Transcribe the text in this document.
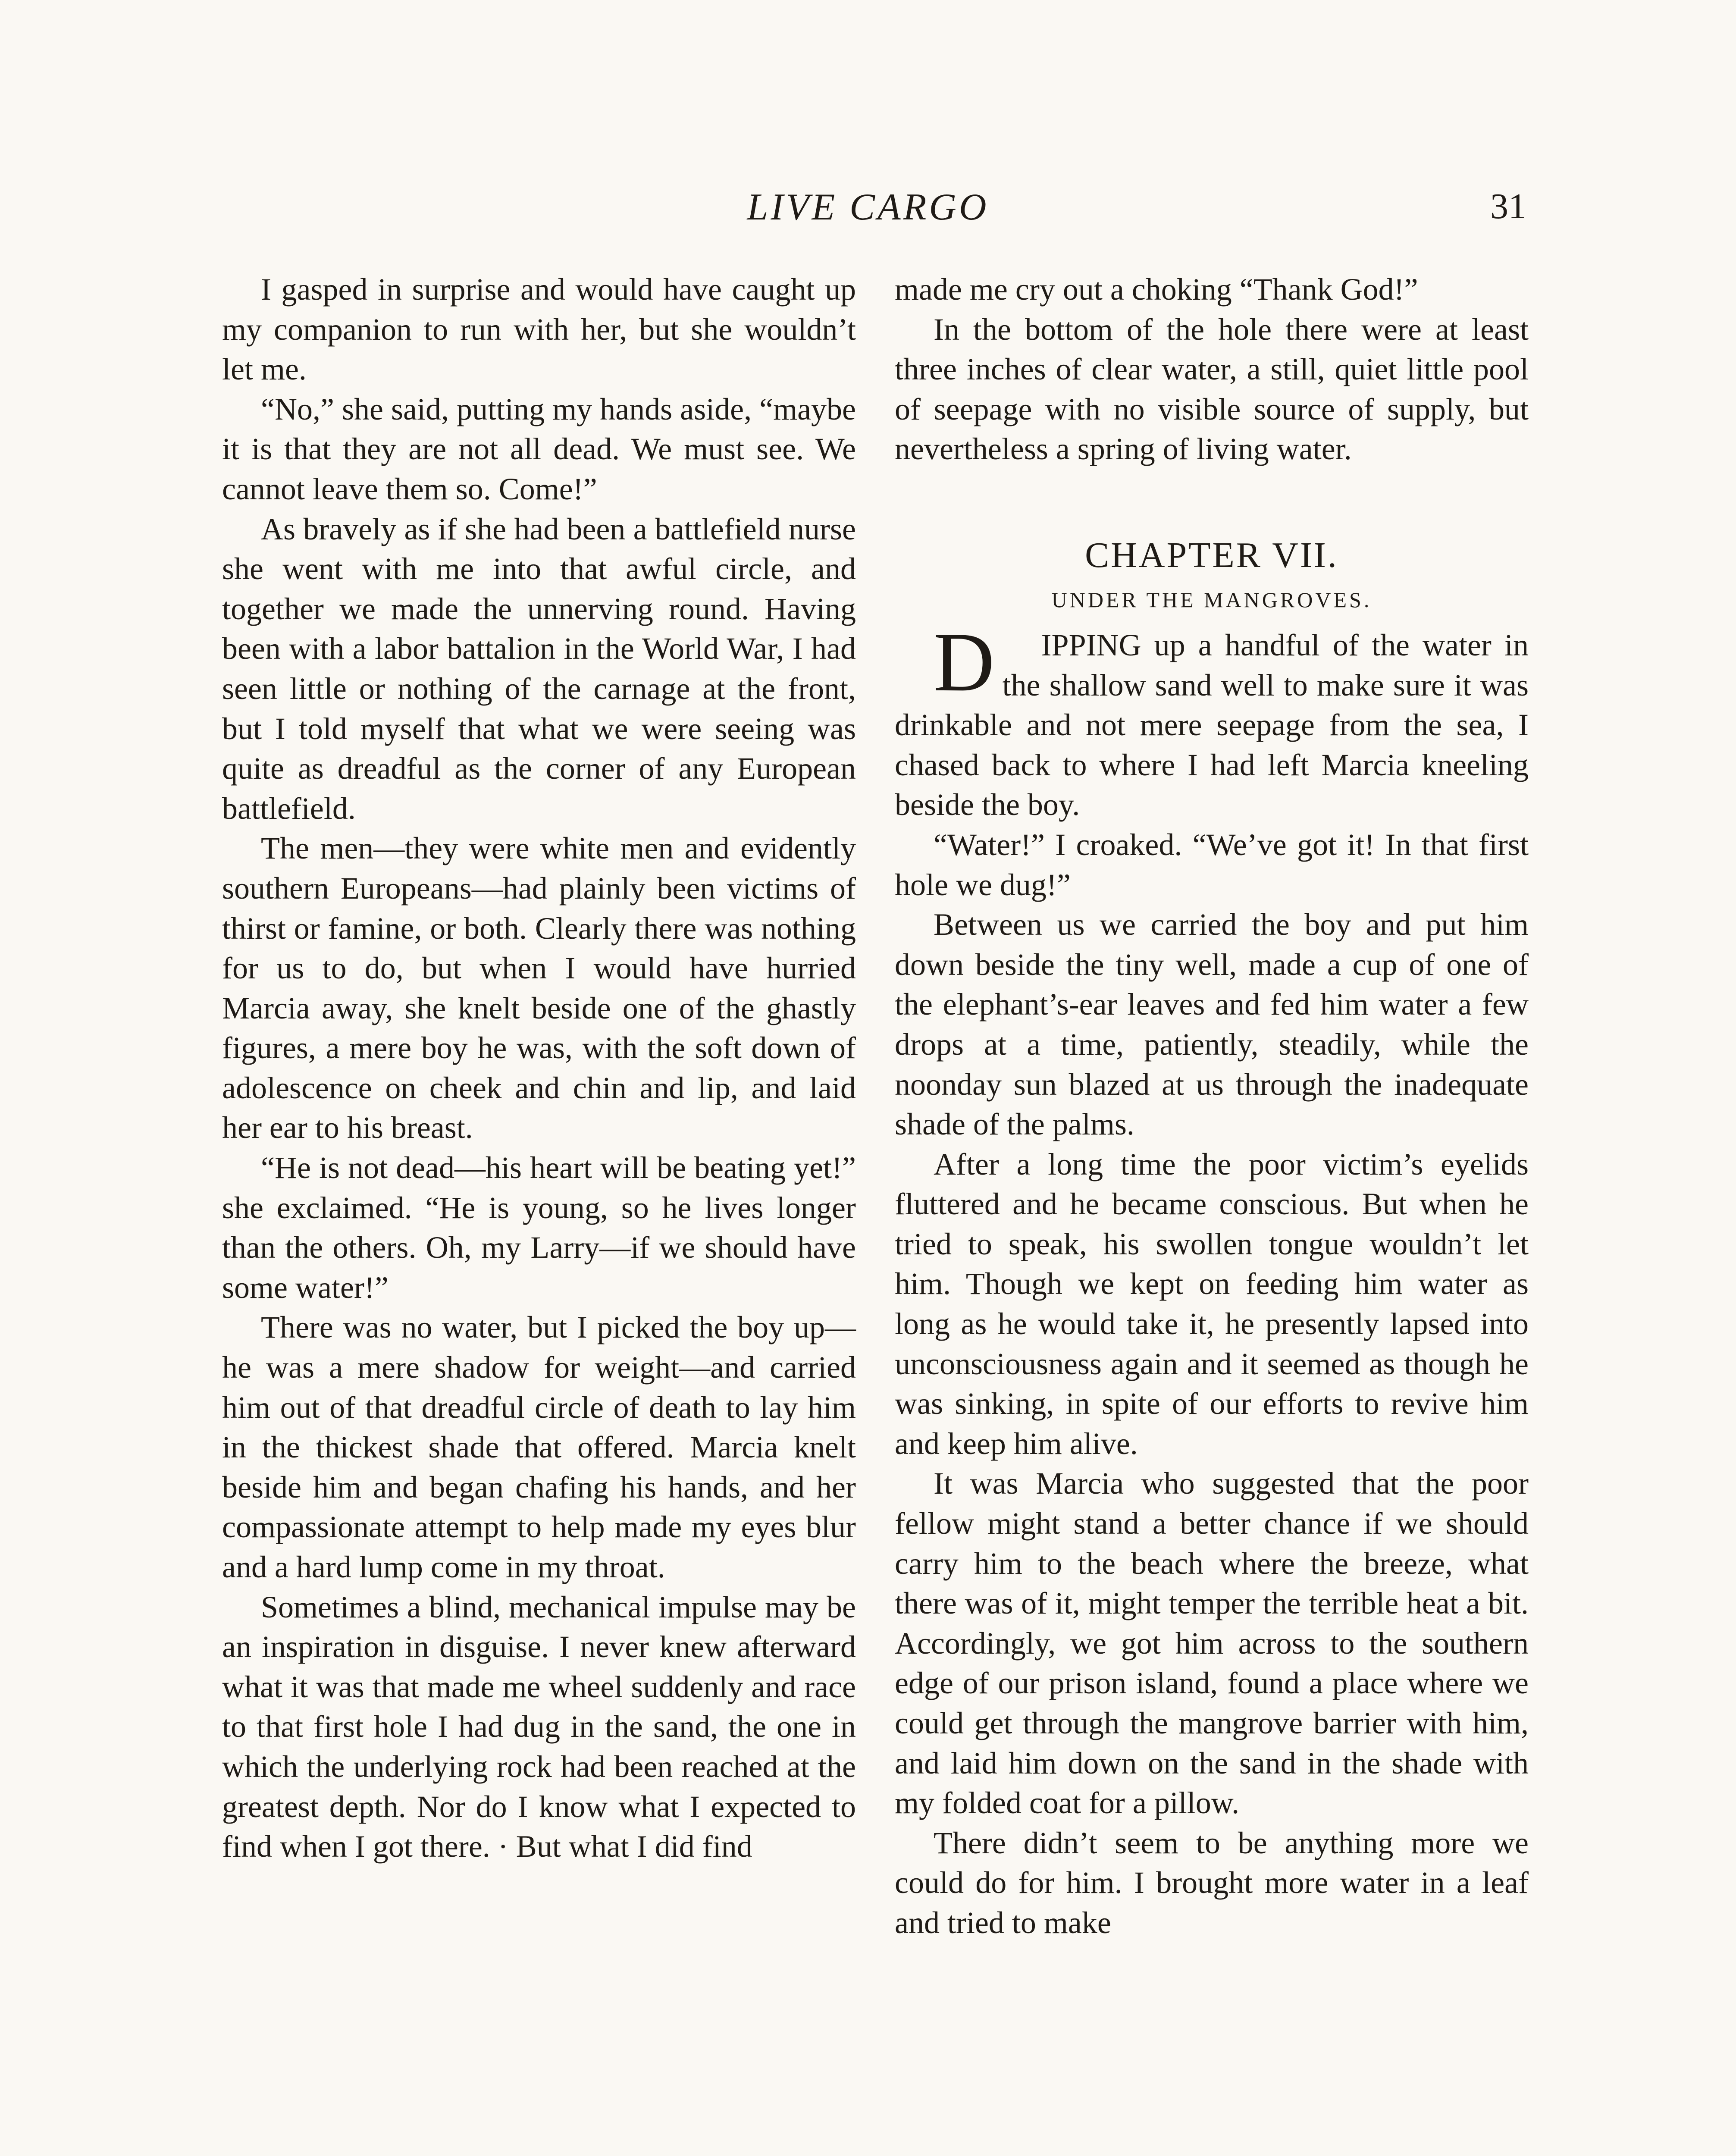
LIVE CARGO	31

I gasped in surprise and would have caught up my companion to run with her, but she wouldn’t let me.

“No,” she said, putting my hands aside, “maybe it is that they are not all dead. We must see. We cannot leave them so. Come!”

As bravely as if she had been a battlefield nurse she went with me into that awful circle, and together we made the unnerving round. Having been with a labor battalion in the World War, I had seen little or nothing of the carnage at the front, but I told myself that what we were seeing was quite as dreadful as the corner of any European battlefield.

The men—they were white men and evidently southern Europeans—had plainly been victims of thirst or famine, or both. Clearly there was nothing for us to do, but when I would have hurried Marcia away, she knelt beside one of the ghastly figures, a mere boy he was, with the soft down of adolescence on cheek and chin and lip, and laid her ear to his breast.

“He is not dead—his heart will be beating yet!” she exclaimed. “He is young, so he lives longer than the others. Oh, my Larry—if we should have some water!”

There was no water, but I picked the boy up—he was a mere shadow for weight—and carried him out of that dreadful circle of death to lay him in the thickest shade that offered. Marcia knelt beside him and began chafing his hands, and her compassionate attempt to help made my eyes blur and a hard lump come in my throat.

Sometimes a blind, mechanical impulse may be an inspiration in disguise. I never knew afterward what it was that made me wheel suddenly and race to that first hole I had dug in the sand, the one in which the underlying rock had been reached at the greatest depth. Nor do I know what I expected to find when I got there. · But what I did find

made me cry out a choking “Thank God!”

In the bottom of the hole there were at least three inches of clear water, a still, quiet little pool of seepage with no visible source of supply, but nevertheless a spring of living water.

CHAPTER VII.
UNDER THE MANGROVES.

D IPPING up a handful of the water in the shallow sand well to make sure it was drinkable and not mere seepage from the sea, I chased back to where I had left Marcia kneeling beside the boy.

“Water!” I croaked. “We’ve got it! In that first hole we dug!”

Between us we carried the boy and put him down beside the tiny well, made a cup of one of the elephant’s-ear leaves and fed him water a few drops at a time, patiently, steadily, while the noonday sun blazed at us through the inadequate shade of the palms.

After a long time the poor victim’s eyelids fluttered and he became conscious. But when he tried to speak, his swollen tongue wouldn’t let him. Though we kept on feeding him water as long as he would take it, he presently lapsed into unconsciousness again and it seemed as though he was sinking, in spite of our efforts to revive him and keep him alive.

It was Marcia who suggested that the poor fellow might stand a better chance if we should carry him to the beach where the breeze, what there was of it, might temper the terrible heat a bit. Accordingly, we got him across to the southern edge of our prison island, found a place where we could get through the mangrove barrier with him, and laid him down on the sand in the shade with my folded coat for a pillow.

There didn’t seem to be anything more we could do for him. I brought more water in a leaf and tried to make
